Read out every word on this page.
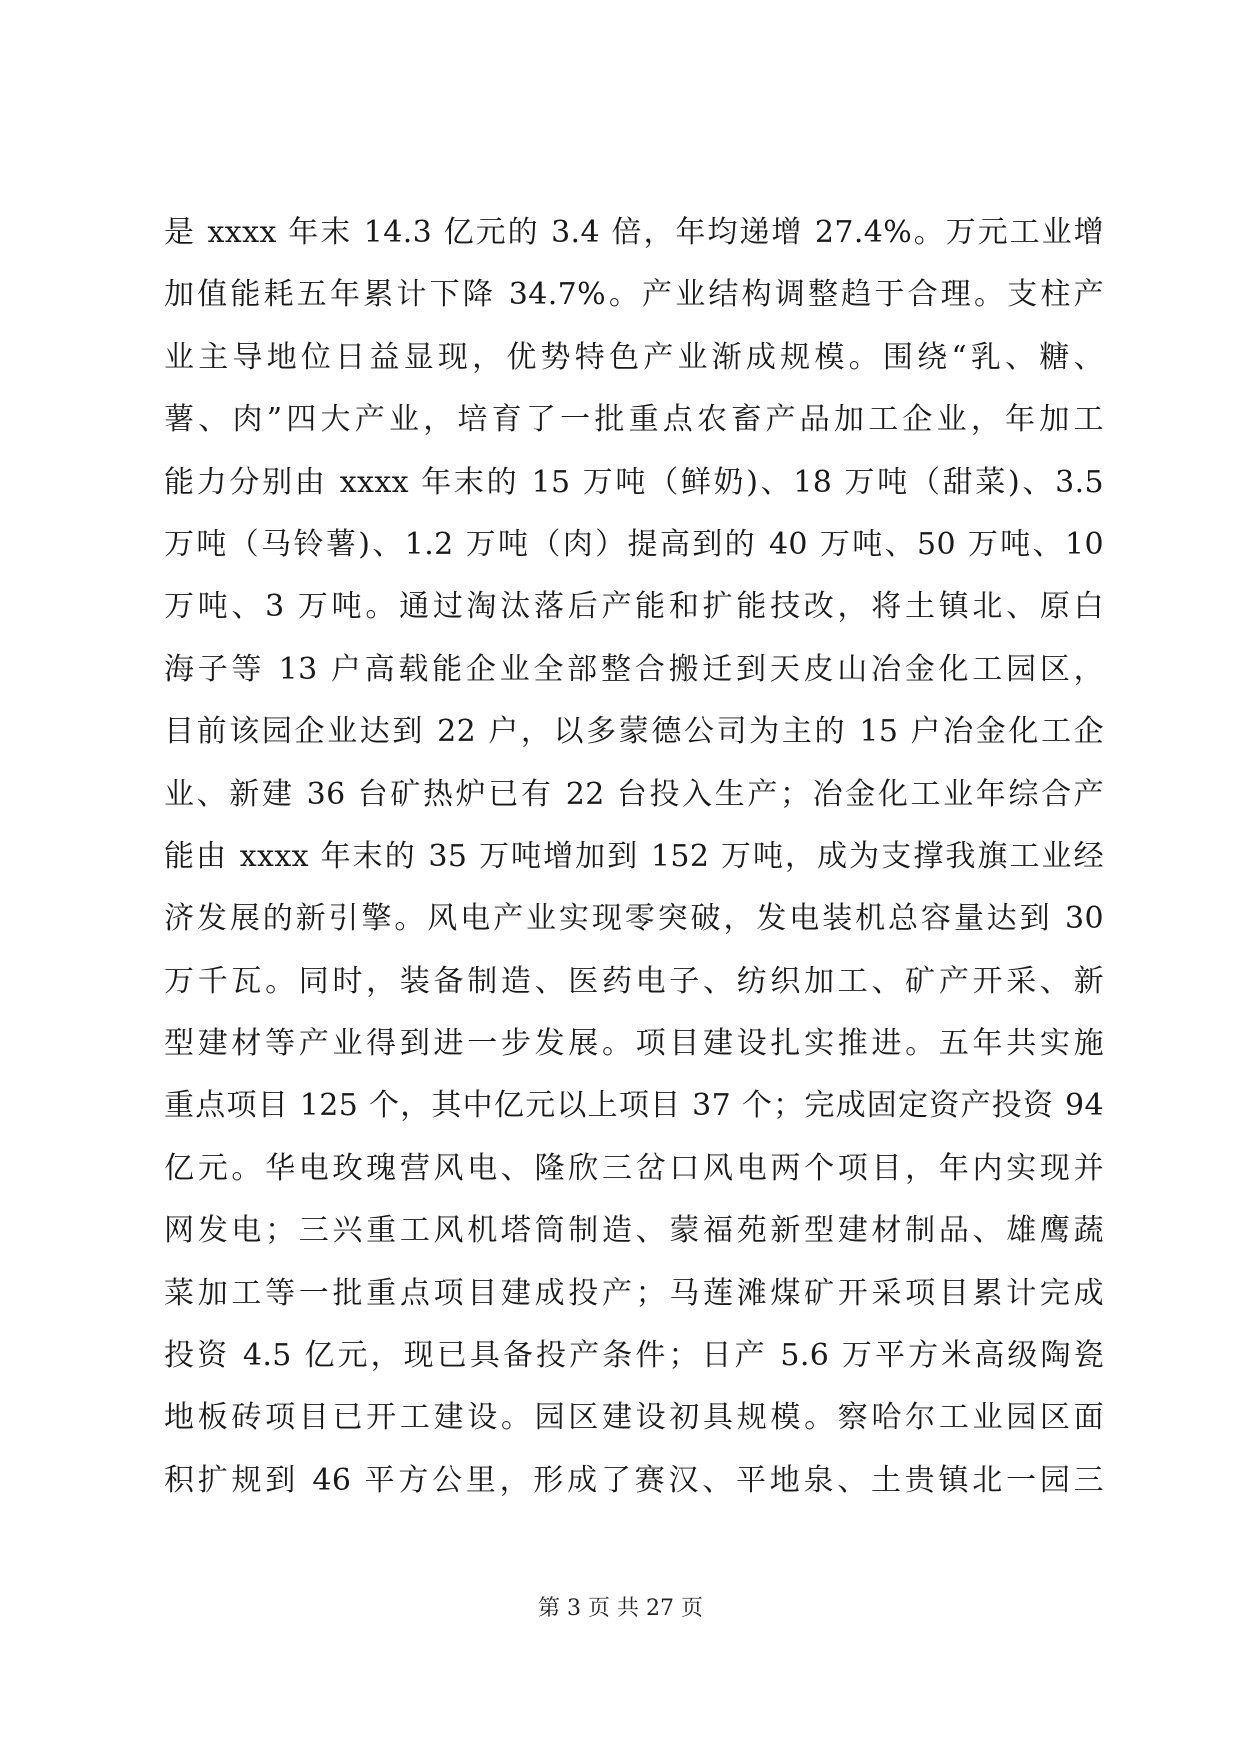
是 xxxx 年末 14.3 亿元的 3.4 倍，年均递增 27.4%。万元工业增
加值能耗五年累计下降 34.7%。产业结构调整趋于合理。支柱产
业主导地位日益显现，优势特色产业渐成规模。围绕“乳、糖、
薯、肉”四大产业，培育了一批重点农畜产品加工企业，年加工
能力分别由 xxxx 年末的 15 万吨（鲜奶)、18 万吨（甜菜)、3.5
万吨（马铃薯)、1.2 万吨（肉）提高到的 40 万吨、50 万吨、10
万吨、3 万吨。通过淘汰落后产能和扩能技改，将土镇北、原白
海子等 13 户高载能企业全部整合搬迁到天皮山冶金化工园区，
目前该园企业达到 22 户，以多蒙德公司为主的 15 户冶金化工企
业、新建 36 台矿热炉已有 22 台投入生产；冶金化工业年综合产
能由 xxxx 年末的 35 万吨增加到 152 万吨，成为支撑我旗工业经
济发展的新引擎。风电产业实现零突破，发电装机总容量达到 30
万千瓦。同时，装备制造、医药电子、纺织加工、矿产开采、新
型建材等产业得到进一步发展。项目建设扎实推进。五年共实施
重点项目 125 个，其中亿元以上项目 37 个；完成固定资产投资 94
亿元。华电玫瑰营风电、隆欣三岔口风电两个项目，年内实现并
网发电；三兴重工风机塔筒制造、蒙福苑新型建材制品、雄鹰蔬
菜加工等一批重点项目建成投产；马莲滩煤矿开采项目累计完成
投资 4.5 亿元，现已具备投产条件；日产 5.6 万平方米高级陶瓷
地板砖项目已开工建设。园区建设初具规模。察哈尔工业园区面
积扩规到 46 平方公里，形成了赛汉、平地泉、土贵镇北一园三
第 3 页 共 27 页
